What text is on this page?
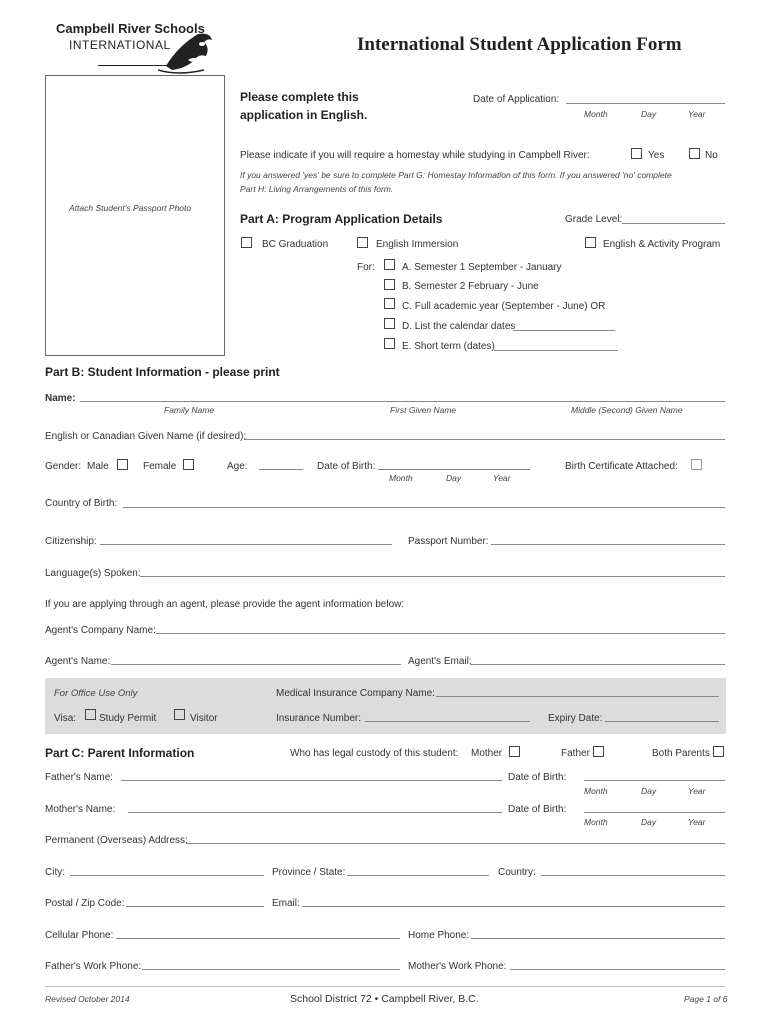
Campbell River Schools
INTERNATIONAL	International Student Application Form
Attach Student's Passport Photo
Please complete this
application in English.
Date of Application:
Month	Day	Year
Please indicate if you will require a homestay while studying in Campbell River:	Yes	No
If you answered 'yes' be sure to complete Part G: Homestay Information of this form. If you answered 'no' complete
Part H: Living Arrangements of this form.
Part A: Program Application Details	Grade Level:
BC Graduation	English Immersion	English & Activity Program
For:	A. Semester 1 September - January
B. Semester 2 February - June
C. Full academic year (September - June) OR
D. List the calendar dates
E. Short term (dates)
Part B: Student Information - please print
Name:
Family Name	First Given Name	Middle (Second) Given Name
English or Canadian Given Name (if desired):
Gender: Male	Female	Age:	Date of Birth:
Month	Day	Year
Birth Certificate Attached:
Country of Birth:
Citizenship:	Passport Number:
Language(s) Spoken:
If you are applying through an agent, please provide the agent information below:
Agent's Company Name:
Agent's Name:	Agent's Email:
For Office Use Only	Medical Insurance Company Name:
Visa: Study Permit	Visitor	Insurance Number:	Expiry Date:
Part C: Parent Information	Who has legal custody of this student: Mother	Father	Both Parents
Father's Name:	Date of Birth:
Month	Day	Year
Mother's Name:	Date of Birth:
Month	Day	Year
Permanent (Overseas) Address:
City:	Province / State:	Country:
Postal / Zip Code:	Email:
Cellular Phone:	Home Phone:
Father's Work Phone:	Mother's Work Phone:
Revised October 2014	School District 72 • Campbell River, B.C.	Page 1 of 6
